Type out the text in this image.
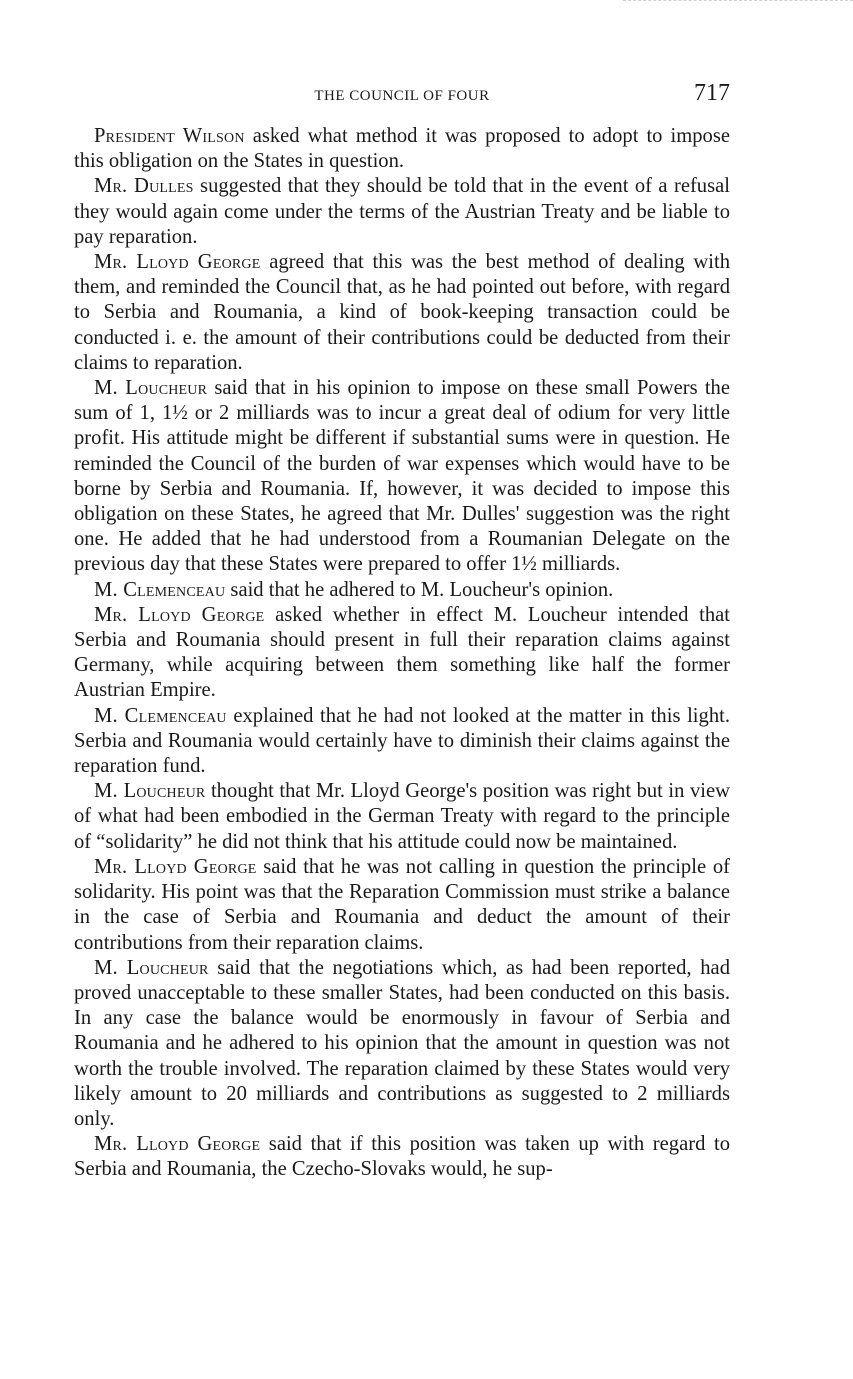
THE COUNCIL OF FOUR	717

President Wilson asked what method it was proposed to adopt to impose this obligation on the States in question.

Mr. Dulles suggested that they should be told that in the event of a refusal they would again come under the terms of the Austrian Treaty and be liable to pay reparation.

Mr. Lloyd George agreed that this was the best method of dealing with them, and reminded the Council that, as he had pointed out before, with regard to Serbia and Roumania, a kind of book-keeping transaction could be conducted i. e. the amount of their contributions could be deducted from their claims to reparation.

M. Loucheur said that in his opinion to impose on these small Powers the sum of 1, 1½ or 2 milliards was to incur a great deal of odium for very little profit. His attitude might be different if substantial sums were in question. He reminded the Council of the burden of war expenses which would have to be borne by Serbia and Roumania. If, however, it was decided to impose this obligation on these States, he agreed that Mr. Dulles' suggestion was the right one. He added that he had understood from a Roumanian Delegate on the previous day that these States were prepared to offer 1½ milliards.

M. Clemenceau said that he adhered to M. Loucheur's opinion.

Mr. Lloyd George asked whether in effect M. Loucheur intended that Serbia and Roumania should present in full their reparation claims against Germany, while acquiring between them something like half the former Austrian Empire.

M. Clemenceau explained that he had not looked at the matter in this light. Serbia and Roumania would certainly have to diminish their claims against the reparation fund.

M. Loucheur thought that Mr. Lloyd George's position was right but in view of what had been embodied in the German Treaty with regard to the principle of “solidarity” he did not think that his attitude could now be maintained.

Mr. Lloyd George said that he was not calling in question the principle of solidarity. His point was that the Reparation Commission must strike a balance in the case of Serbia and Roumania and deduct the amount of their contributions from their reparation claims.

M. Loucheur said that the negotiations which, as had been reported, had proved unacceptable to these smaller States, had been conducted on this basis. In any case the balance would be enormously in favour of Serbia and Roumania and he adhered to his opinion that the amount in question was not worth the trouble involved. The reparation claimed by these States would very likely amount to 20 milliards and contributions as suggested to 2 milliards only.

Mr. Lloyd George said that if this position was taken up with regard to Serbia and Roumania, the Czecho-Slovaks would, he sup-
